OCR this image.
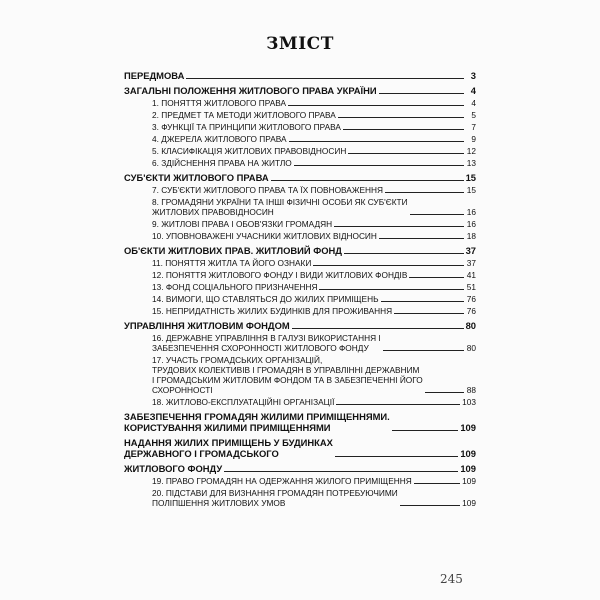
ЗМІСТ
ПЕРЕДМОВА	3
ЗАГАЛЬНІ ПОЛОЖЕННЯ ЖИТЛОВОГО ПРАВА УКРАЇНИ	4
1. ПОНЯТТЯ ЖИТЛОВОГО ПРАВА	4
2. ПРЕДМЕТ ТА МЕТОДИ ЖИТЛОВОГО ПРАВА	5
3. ФУНКЦІЇ ТА ПРИНЦИПИ ЖИТЛОВОГО ПРАВА	7
4. ДЖЕРЕЛА ЖИТЛОВОГО ПРАВА	9
5. КЛАСИФІКАЦІЯ ЖИТЛОВИХ ПРАВОВІДНОСИН	12
6. ЗДІЙСНЕННЯ ПРАВА НА ЖИТЛО	13
СУБ'ЄКТИ ЖИТЛОВОГО ПРАВА	15
7. СУБ'ЄКТИ ЖИТЛОВОГО ПРАВА ТА ЇХ ПОВНОВАЖЕННЯ	15
8. ГРОМАДЯНИ УКРАЇНИ ТА ІНШІ ФІЗИЧНІ ОСОБИ ЯК СУБ'ЄКТИ
ЖИТЛОВИХ ПРАВОВІДНОСИН	16
9. ЖИТЛОВІ ПРАВА І ОБОВ'ЯЗКИ ГРОМАДЯН	16
10. УПОВНОВАЖЕНІ УЧАСНИКИ ЖИТЛОВИХ ВІДНОСИН	18
ОБ'ЄКТИ ЖИТЛОВИХ ПРАВ. ЖИТЛОВИЙ ФОНД	37
11. ПОНЯТТЯ ЖИТЛА ТА ЙОГО ОЗНАКИ	37
12. ПОНЯТТЯ ЖИТЛОВОГО ФОНДУ І ВИДИ ЖИТЛОВИХ ФОНДІВ	41
13. ФОНД СОЦІАЛЬНОГО ПРИЗНАЧЕННЯ	51
14. ВИМОГИ, ЩО СТАВЛЯТЬСЯ ДО ЖИЛИХ ПРИМІЩЕНЬ	76
15. НЕПРИДАТНІСТЬ ЖИЛИХ БУДИНКІВ ДЛЯ ПРОЖИВАННЯ	76
УПРАВЛІННЯ ЖИТЛОВИМ ФОНДОМ	80
16. ДЕРЖАВНЕ УПРАВЛІННЯ В ГАЛУЗІ ВИКОРИСТАННЯ І
ЗАБЕЗПЕЧЕННЯ СХОРОННОСТІ ЖИТЛОВОГО ФОНДУ	80
17. УЧАСТЬ ГРОМАДСЬКИХ ОРГАНІЗАЦІЙ,
ТРУДОВИХ КОЛЕКТИВІВ І ГРОМАДЯН В УПРАВЛІННІ ДЕРЖАВНИМ
І ГРОМАДСЬКИМ ЖИТЛОВИМ ФОНДОМ ТА В ЗАБЕЗПЕЧЕННІ ЙОГО
СХОРОННОСТІ	88
18. ЖИТЛОВО-ЕКСПЛУАТАЦІЙНІ ОРГАНІЗАЦІЇ	103
ЗАБЕЗПЕЧЕННЯ ГРОМАДЯН ЖИЛИМИ ПРИМІЩЕННЯМИ.
КОРИСТУВАННЯ ЖИЛИМИ ПРИМІЩЕННЯМИ	109
НАДАННЯ ЖИЛИХ ПРИМІЩЕНЬ У БУДИНКАХ
ДЕРЖАВНОГО І ГРОМАДСЬКОГО	109
ЖИТЛОВОГО ФОНДУ	109
19. ПРАВО ГРОМАДЯН НА ОДЕРЖАННЯ ЖИЛОГО ПРИМІЩЕННЯ	109
20. ПІДСТАВИ ДЛЯ ВИЗНАННЯ ГРОМАДЯН ПОТРЕБУЮЧИМИ
ПОЛІПШЕННЯ ЖИТЛОВИХ УМОВ	109
245
